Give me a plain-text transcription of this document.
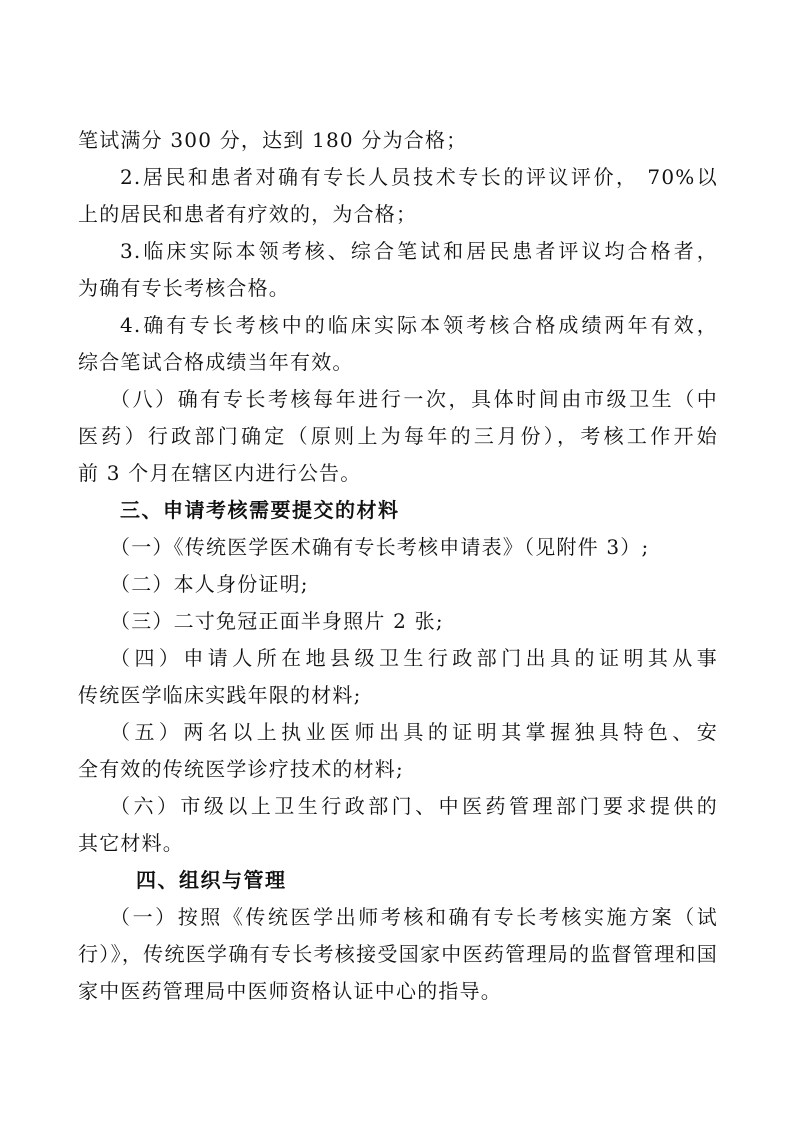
笔试满分 300 分，达到 180 分为合格；
2.居民和患者对确有专长人员技术专长的评议评价， 70%以
上的居民和患者有疗效的，为合格；
3.临床实际本领考核、综合笔试和居民患者评议均合格者，
为确有专长考核合格。
4.确有专长考核中的临床实际本领考核合格成绩两年有效，
综合笔试合格成绩当年有效。
（八）确有专长考核每年进行一次，具体时间由市级卫生（中
医药）行政部门确定（原则上为每年的三月份），考核工作开始
前 3 个月在辖区内进行公告。
三、申请考核需要提交的材料
（一）《传统医学医术确有专长考核申请表》（见附件 3）;
（二）本人身份证明;
（三）二寸免冠正面半身照片 2 张;
（四）申请人所在地县级卫生行政部门出具的证明其从事
传统医学临床实践年限的材料;
（五）两名以上执业医师出具的证明其掌握独具特色、安
全有效的传统医学诊疗技术的材料;
（六）市级以上卫生行政部门、中医药管理部门要求提供的
其它材料。
四、组织与管理
（一）按照《传统医学出师考核和确有专长考核实施方案（试
行）》，传统医学确有专长考核接受国家中医药管理局的监督管理和国
家中医药管理局中医师资格认证中心的指导。
